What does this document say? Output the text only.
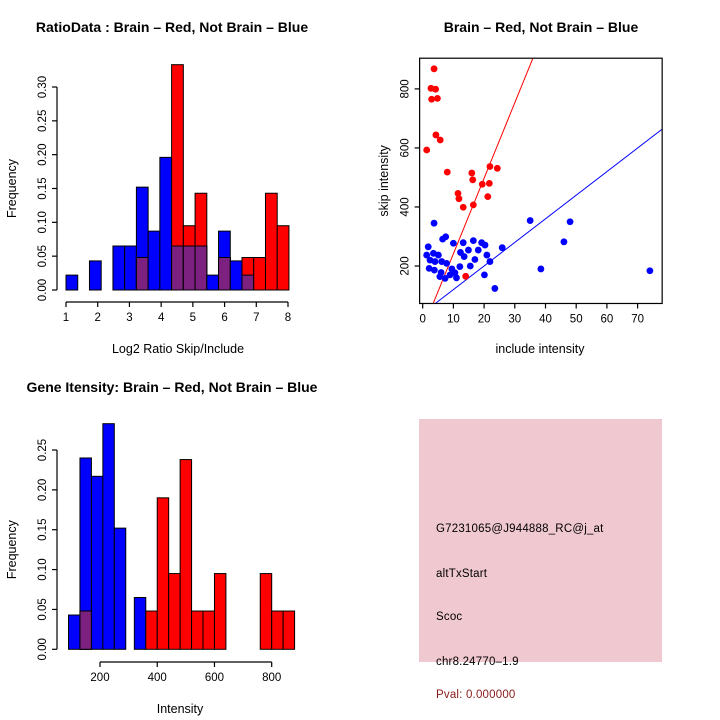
RatioData : Brain – Red, Not Brain – Blue
0.00
0.05
0.10
0.15
0.20
0.25
0.30
Frequency
1 2 3 4 5 6 7 8
Log2 Ratio Skip/Include
Brain – Red, Not Brain – Blue
0 10 20 30 40 50 60 70
include intensity
200
400
600
800
skip intensity
Gene Itensity: Brain – Red, Not Brain – Blue
0.00
0.05
0.10
0.15
0.20
0.25
Frequency
200	400	600	800
Intensity
G7231065@J944888_RC@j_at
altTxStart
Scoc
chr8.24770–1.9
Pval: 0.000000
